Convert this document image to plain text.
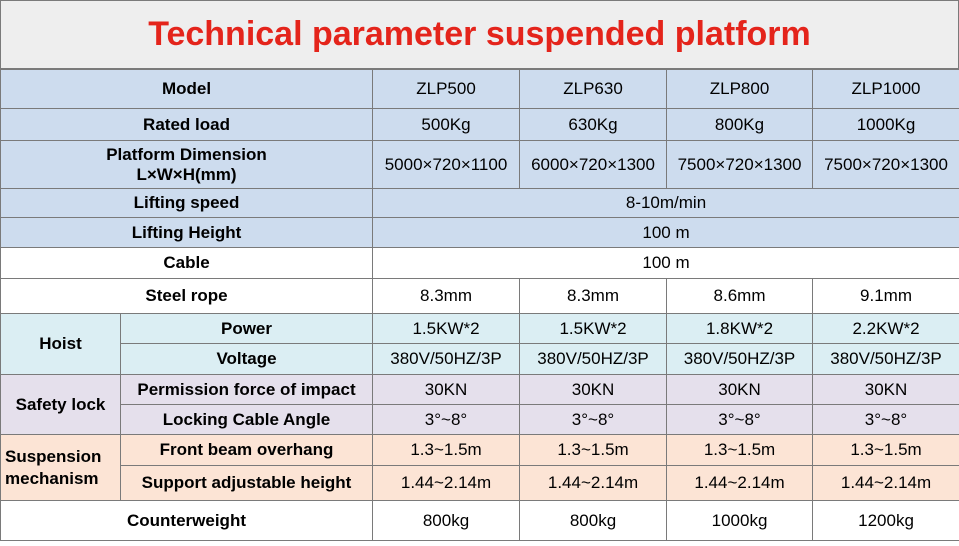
Technical parameter suspended platform
Model		ZLP500	ZLP630	ZLP800	ZLP1000
Rated load		500Kg	630Kg	800Kg	1000Kg

Platform Dimension
L×W×H(mm)		5000×720×1100	6000×720×1300	7500×720×1300	7500×720×1300
Lifting speed		8-10m/min			
Lifting Height		100 m			
Cable		100 m			
Steel rope		8.3mm	8.3mm	8.6mm	9.1mm
Hoist	Power	1.5KW*2	1.5KW*2	1.8KW*2	2.2KW*2
	Voltage	380V/50HZ/3P	380V/50HZ/3P	380V/50HZ/3P	380V/50HZ/3P
Safety lock	Permission force of impact	30KN	30KN	30KN	30KN
	Locking Cable Angle	3°~8°	3°~8°	3°~8°	3°~8°

Suspension
mechanism	Front beam overhang	1.3~1.5m	1.3~1.5m	1.3~1.5m	1.3~1.5m
	Support adjustable height	1.44~2.14m	1.44~2.14m	1.44~2.14m	1.44~2.14m
Counterweight		800kg	800kg	1000kg	1200kg
